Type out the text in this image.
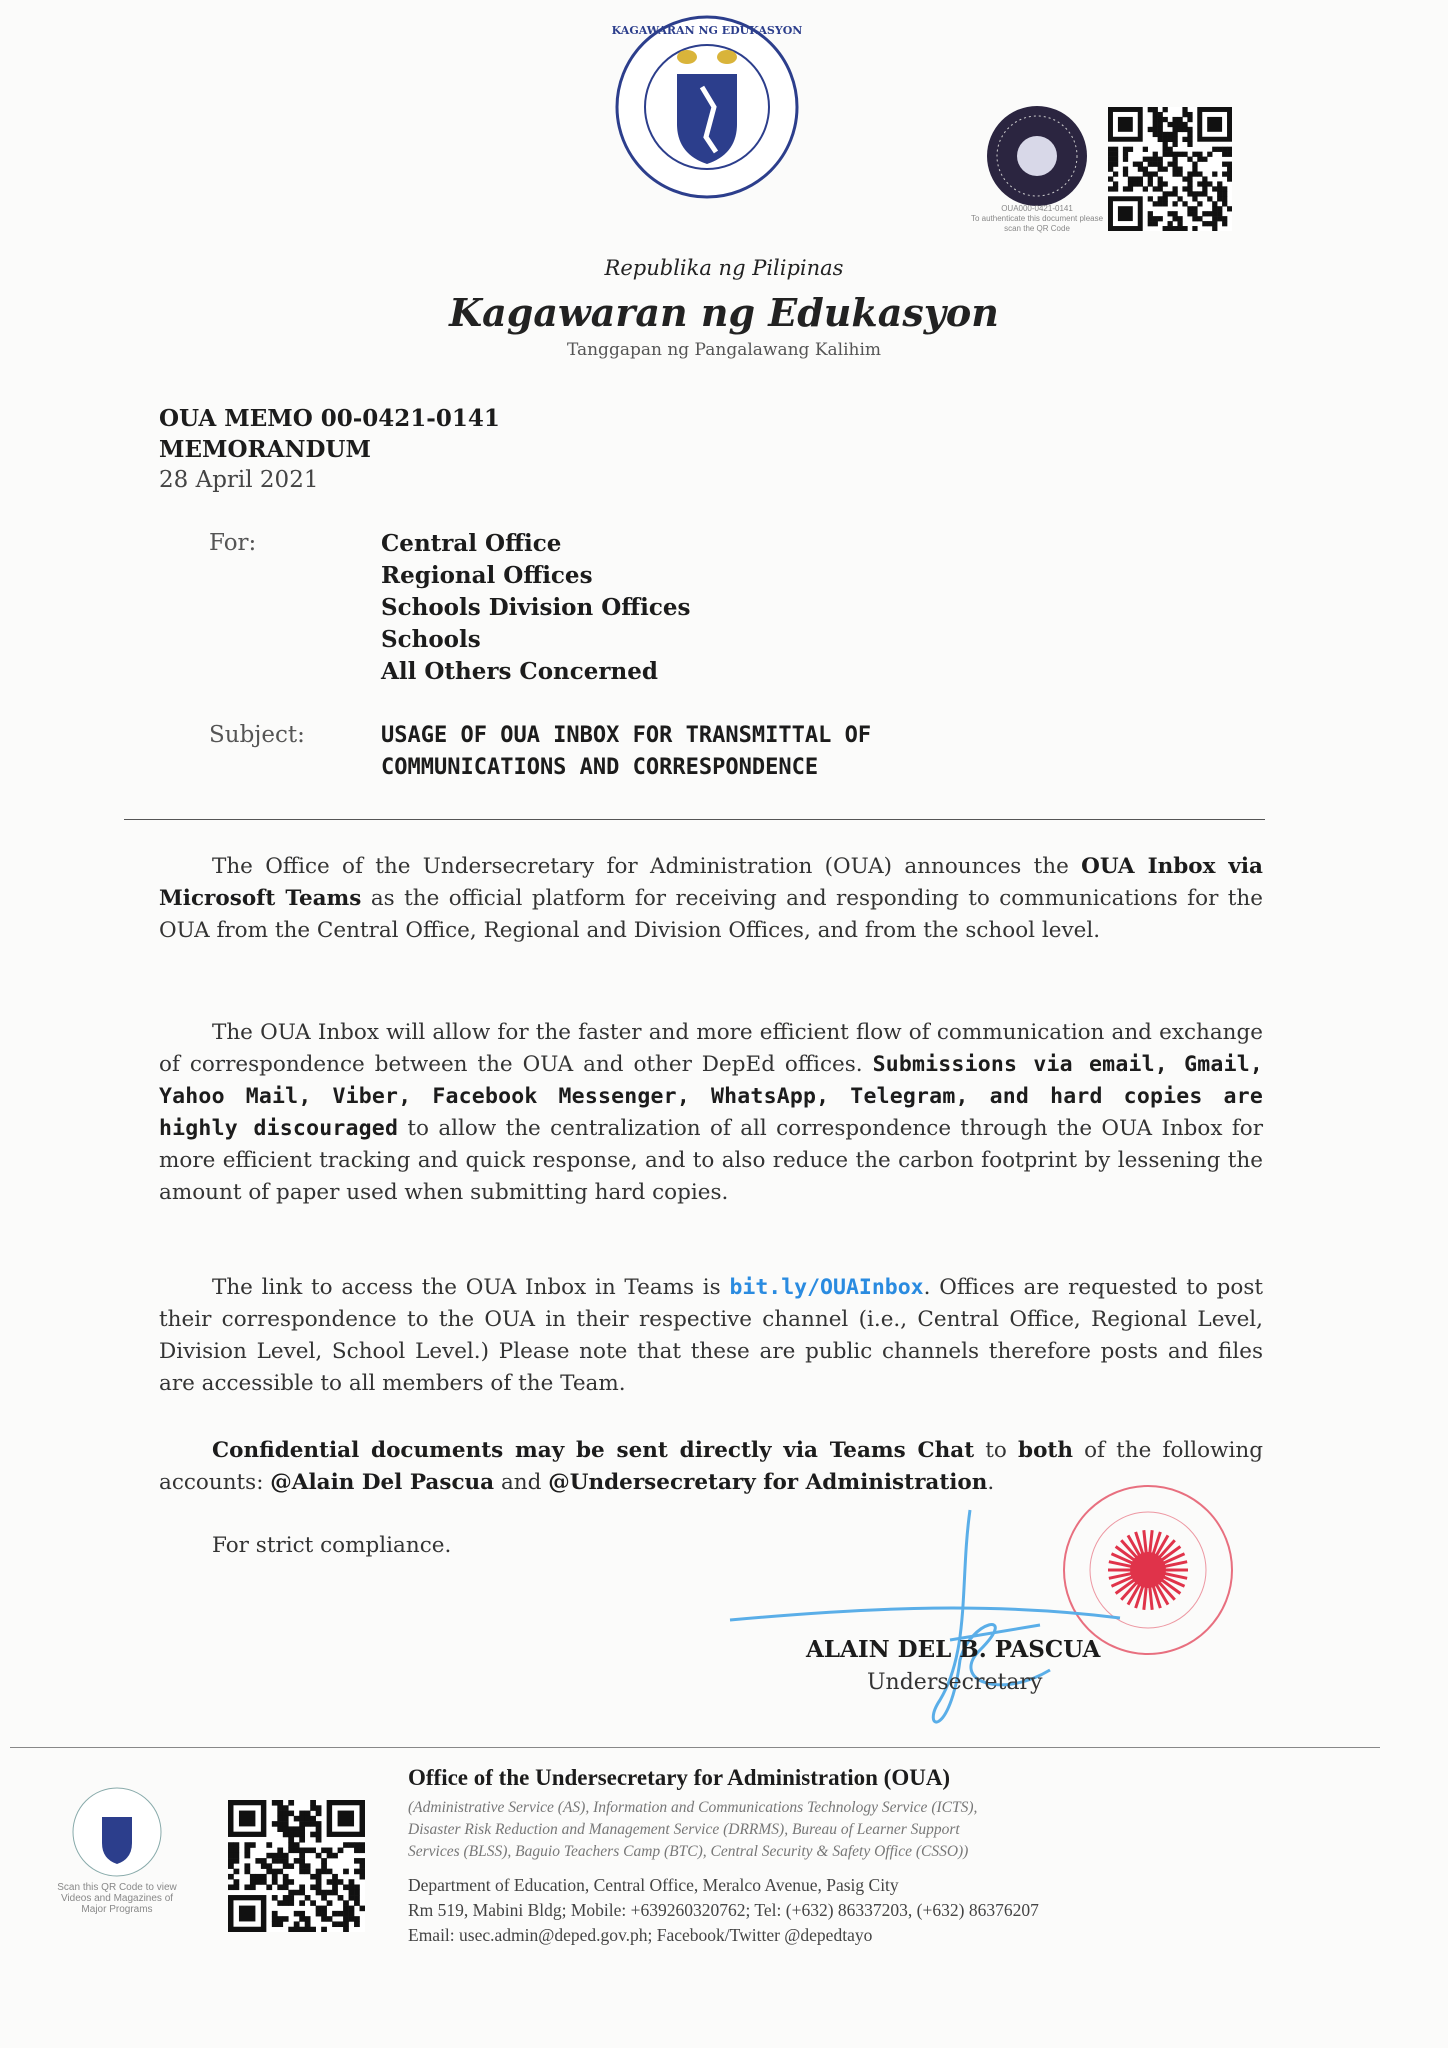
KAGAWARAN NG EDUKASYON
OUA000-0421-0141
To authenticate this document please scan the QR Code
Republika ng Pilipinas
Kagawaran ng Edukasyon
Tanggapan ng Pangalawang Kalihim
OUA MEMO 00-0421-0141
MEMORANDUM
28 April 2021
For:	Central Office
Regional Offices
Schools Division Offices
Schools
All Others Concerned
Subject:	USAGE OF OUA INBOX FOR TRANSMITTAL OF
COMMUNICATIONS AND CORRESPONDENCE
The Office of the Undersecretary for Administration (OUA) announces the OUA Inbox via Microsoft Teams as the official platform for receiving and responding to communications for the OUA from the Central Office, Regional and Division Offices, and from the school level.
The OUA Inbox will allow for the faster and more efficient flow of communication and exchange of correspondence between the OUA and other DepEd offices. Submissions via email, Gmail, Yahoo Mail, Viber, Facebook Messenger, WhatsApp, Telegram, and hard copies are highly discouraged to allow the centralization of all correspondence through the OUA Inbox for more efficient tracking and quick response, and to also reduce the carbon footprint by lessening the amount of paper used when submitting hard copies.
The link to access the OUA Inbox in Teams is bit.ly/OUAInbox. Offices are requested to post their correspondence to the OUA in their respective channel (i.e., Central Office, Regional Level, Division Level, School Level.) Please note that these are public channels therefore posts and files are accessible to all members of the Team.
Confidential documents may be sent directly via Teams Chat to both of the following accounts: @Alain Del Pascua and @Undersecretary for Administration.
For strict compliance.
ALAIN DEL B. PASCUA
Undersecretary
Scan this QR Code to view Videos and Magazines of Major Programs
Office of the Undersecretary for Administration (OUA)
(Administrative Service (AS), Information and Communications Technology Service (ICTS),
Disaster Risk Reduction and Management Service (DRRMS), Bureau of Learner Support
Services (BLSS), Baguio Teachers Camp (BTC), Central Security & Safety Office (CSSO))
Department of Education, Central Office, Meralco Avenue, Pasig City
Rm 519, Mabini Bldg; Mobile: +639260320762; Tel: (+632) 86337203, (+632) 86376207
Email: usec.admin@deped.gov.ph; Facebook/Twitter @depedtayo
